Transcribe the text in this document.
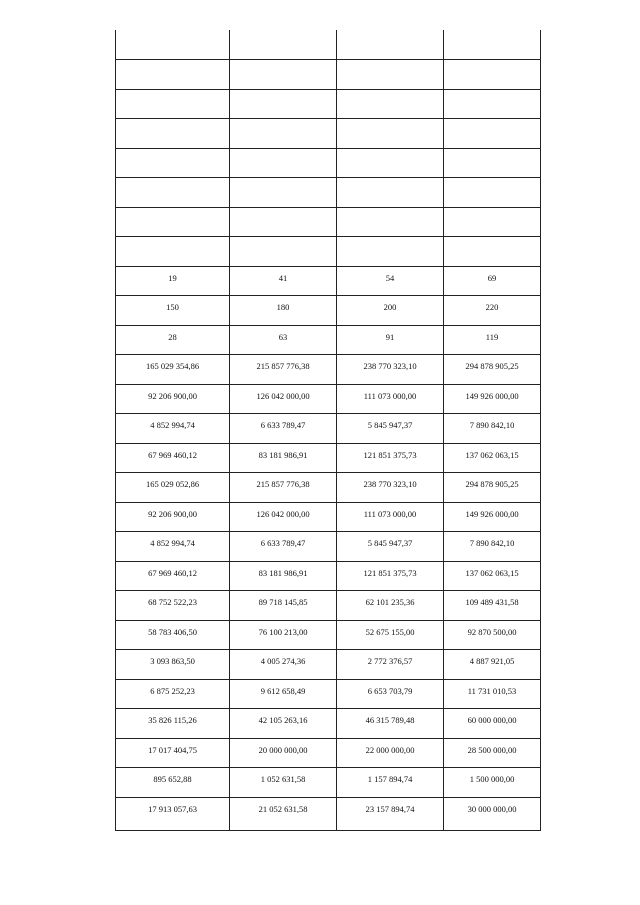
19	41	54	69
150	180	200	220
28	63	91	119
165 029 354,86	215 857 776,38	238 770 323,10	294 878 905,25
92 206 900,00	126 042 000,00	111 073 000,00	149 926 000,00
4 852 994,74	6 633 789,47	5 845 947,37	7 890 842,10
67 969 460,12	83 181 986,91	121 851 375,73	137 062 063,15
165 029 052,86	215 857 776,38	238 770 323,10	294 878 905,25
92 206 900,00	126 042 000,00	111 073 000,00	149 926 000,00
4 852 994,74	6 633 789,47	5 845 947,37	7 890 842,10
67 969 460,12	83 181 986,91	121 851 375,73	137 062 063,15
68 752 522,23	89 718 145,85	62 101 235,36	109 489 431,58
58 783 406,50	76 100 213,00	52 675 155,00	92 870 500,00
3 093 863,50	4 005 274,36	2 772 376,57	4 887 921,05
6 875 252,23	9 612 658,49	6 653 703,79	11 731 010,53
35 826 115,26	42 105 263,16	46 315 789,48	60 000 000,00
17 017 404,75	20 000 000,00	22 000 000,00	28 500 000,00
895 652,88	1 052 631,58	1 157 894,74	1 500 000,00
17 913 057,63	21 052 631,58	23 157 894,74	30 000 000,00
